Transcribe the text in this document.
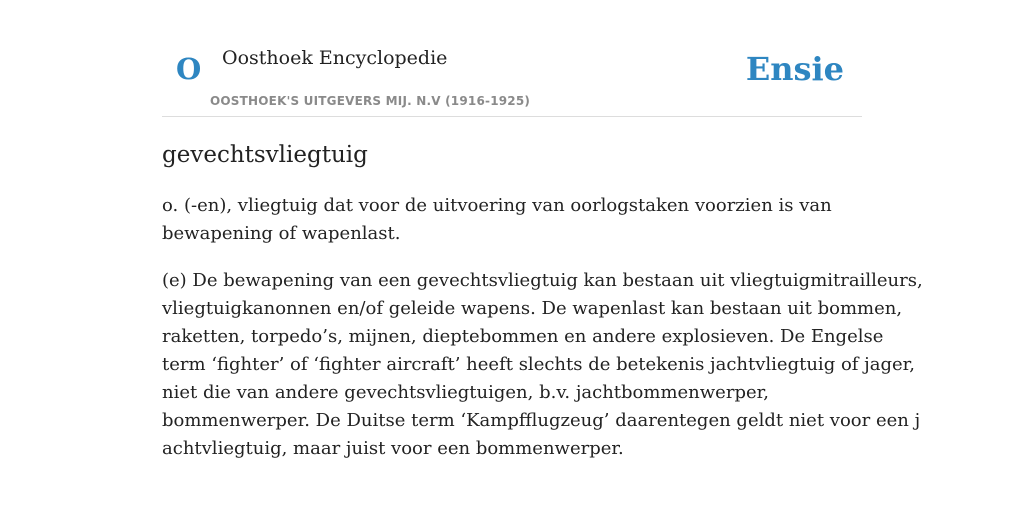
O Oosthoek Encyclopedie
OOSTHOEK'S UITGEVERS MIJ. N.V (1916-1925)
Ensie
gevechtsvliegtuig

o. (-en), vliegtuig dat voor de uitvoering van oorlogstaken voorzien is van
bewapening of wapenlast.

(e) De bewapening van een gevechtsvliegtuig kan bestaan uit vliegtuigmitrailleurs,
vliegtuigkanonnen en/of geleide wapens. De wapenlast kan bestaan uit bommen,
raketten, torpedo’s, mijnen, dieptebommen en andere explosieven. De Engelse
term ‘fighter’ of ‘fighter aircraft’ heeft slechts de betekenis jachtvliegtuig of jager,
niet die van andere gevechtsvliegtuigen, b.v. jachtbommenwerper,
bommenwerper. De Duitse term ‘Kampfflugzeug’ daarentegen geldt niet voor een j
achtvliegtuig, maar juist voor een bommenwerper.
